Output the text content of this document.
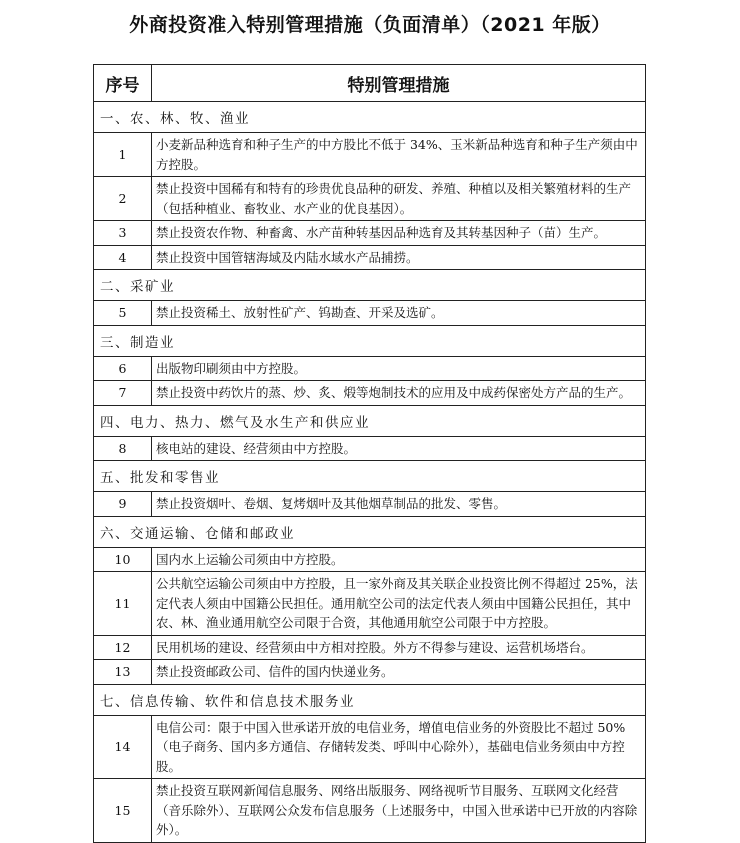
外商投资准入特别管理措施（负面清单）（2021 年版）
序号	特别管理措施
一、农、林、牧、渔业	
1	小麦新品种选育和种子生产的中方股比不低于 34%、玉米新品种选育和种子生产须由中方控股。
2	禁止投资中国稀有和特有的珍贵优良品种的研发、养殖、种植以及相关繁殖材料的生产（包括种植业、畜牧业、水产业的优良基因）。
3	禁止投资农作物、种畜禽、水产苗种转基因品种选育及其转基因种子（苗）生产。
4	禁止投资中国管辖海域及内陆水域水产品捕捞。
二、采矿业	
5	禁止投资稀土、放射性矿产、钨勘查、开采及选矿。
三、制造业	
6	出版物印刷须由中方控股。
7	禁止投资中药饮片的蒸、炒、炙、煅等炮制技术的应用及中成药保密处方产品的生产。
四、电力、热力、燃气及水生产和供应业	
8	核电站的建设、经营须由中方控股。
五、批发和零售业	
9	禁止投资烟叶、卷烟、复烤烟叶及其他烟草制品的批发、零售。
六、交通运输、仓储和邮政业	
10	国内水上运输公司须由中方控股。
11	公共航空运输公司须由中方控股，且一家外商及其关联企业投资比例不得超过 25%，法定代表人须由中国籍公民担任。通用航空公司的法定代表人须由中国籍公民担任，其中农、林、渔业通用航空公司限于合资，其他通用航空公司限于中方控股。
12	民用机场的建设、经营须由中方相对控股。外方不得参与建设、运营机场塔台。
13	禁止投资邮政公司、信件的国内快递业务。
七、信息传输、软件和信息技术服务业	
14	电信公司：限于中国入世承诺开放的电信业务，增值电信业务的外资股比不超过 50%（电子商务、国内多方通信、存储转发类、呼叫中心除外），基础电信业务须由中方控股。
15	禁止投资互联网新闻信息服务、网络出版服务、网络视听节目服务、互联网文化经营（音乐除外）、互联网公众发布信息服务（上述服务中，中国入世承诺中已开放的内容除外）。
